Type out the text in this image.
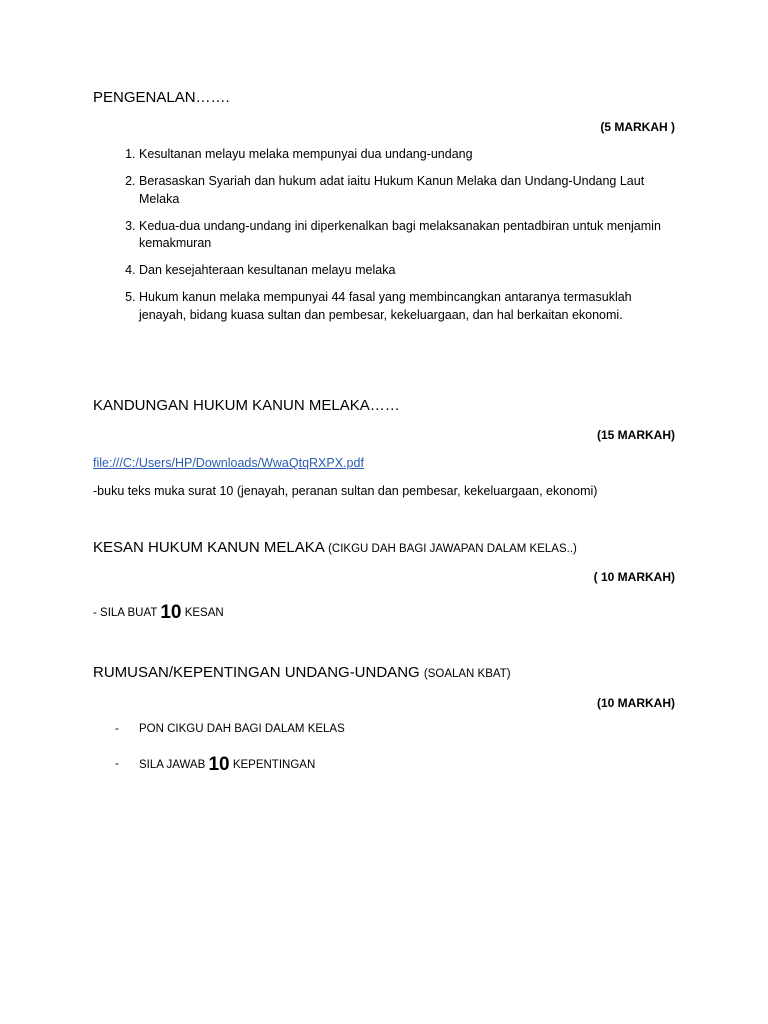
PENGENALAN…….
(5 MARKAH )
1. Kesultanan melayu melaka mempunyai dua undang-undang
2. Berasaskan Syariah dan hukum adat iaitu Hukum Kanun Melaka dan Undang-Undang Laut Melaka
3. Kedua-dua undang-undang ini diperkenalkan bagi melaksanakan pentadbiran untuk menjamin kemakmuran
4. Dan kesejahteraan kesultanan melayu melaka
5. Hukum kanun melaka mempunyai 44 fasal yang membincangkan antaranya termasuklah jenayah, bidang kuasa sultan dan pembesar, kekeluargaan, dan hal berkaitan ekonomi.
KANDUNGAN HUKUM KANUN MELAKA……
(15 MARKAH)
file:///C:/Users/HP/Downloads/WwaQtqRXPX.pdf
-buku teks muka surat 10 (jenayah, peranan sultan dan pembesar, kekeluargaan, ekonomi)
KESAN HUKUM KANUN MELAKA (CIKGU DAH BAGI JAWAPAN DALAM KELAS..)
( 10 MARKAH)
- SILA BUAT 10 KESAN
RUMUSAN/KEPENTINGAN UNDANG-UNDANG (SOALAN KBAT)
(10 MARKAH)
- PON CIKGU DAH BAGI DALAM KELAS
- SILA JAWAB 10 KEPENTINGAN
